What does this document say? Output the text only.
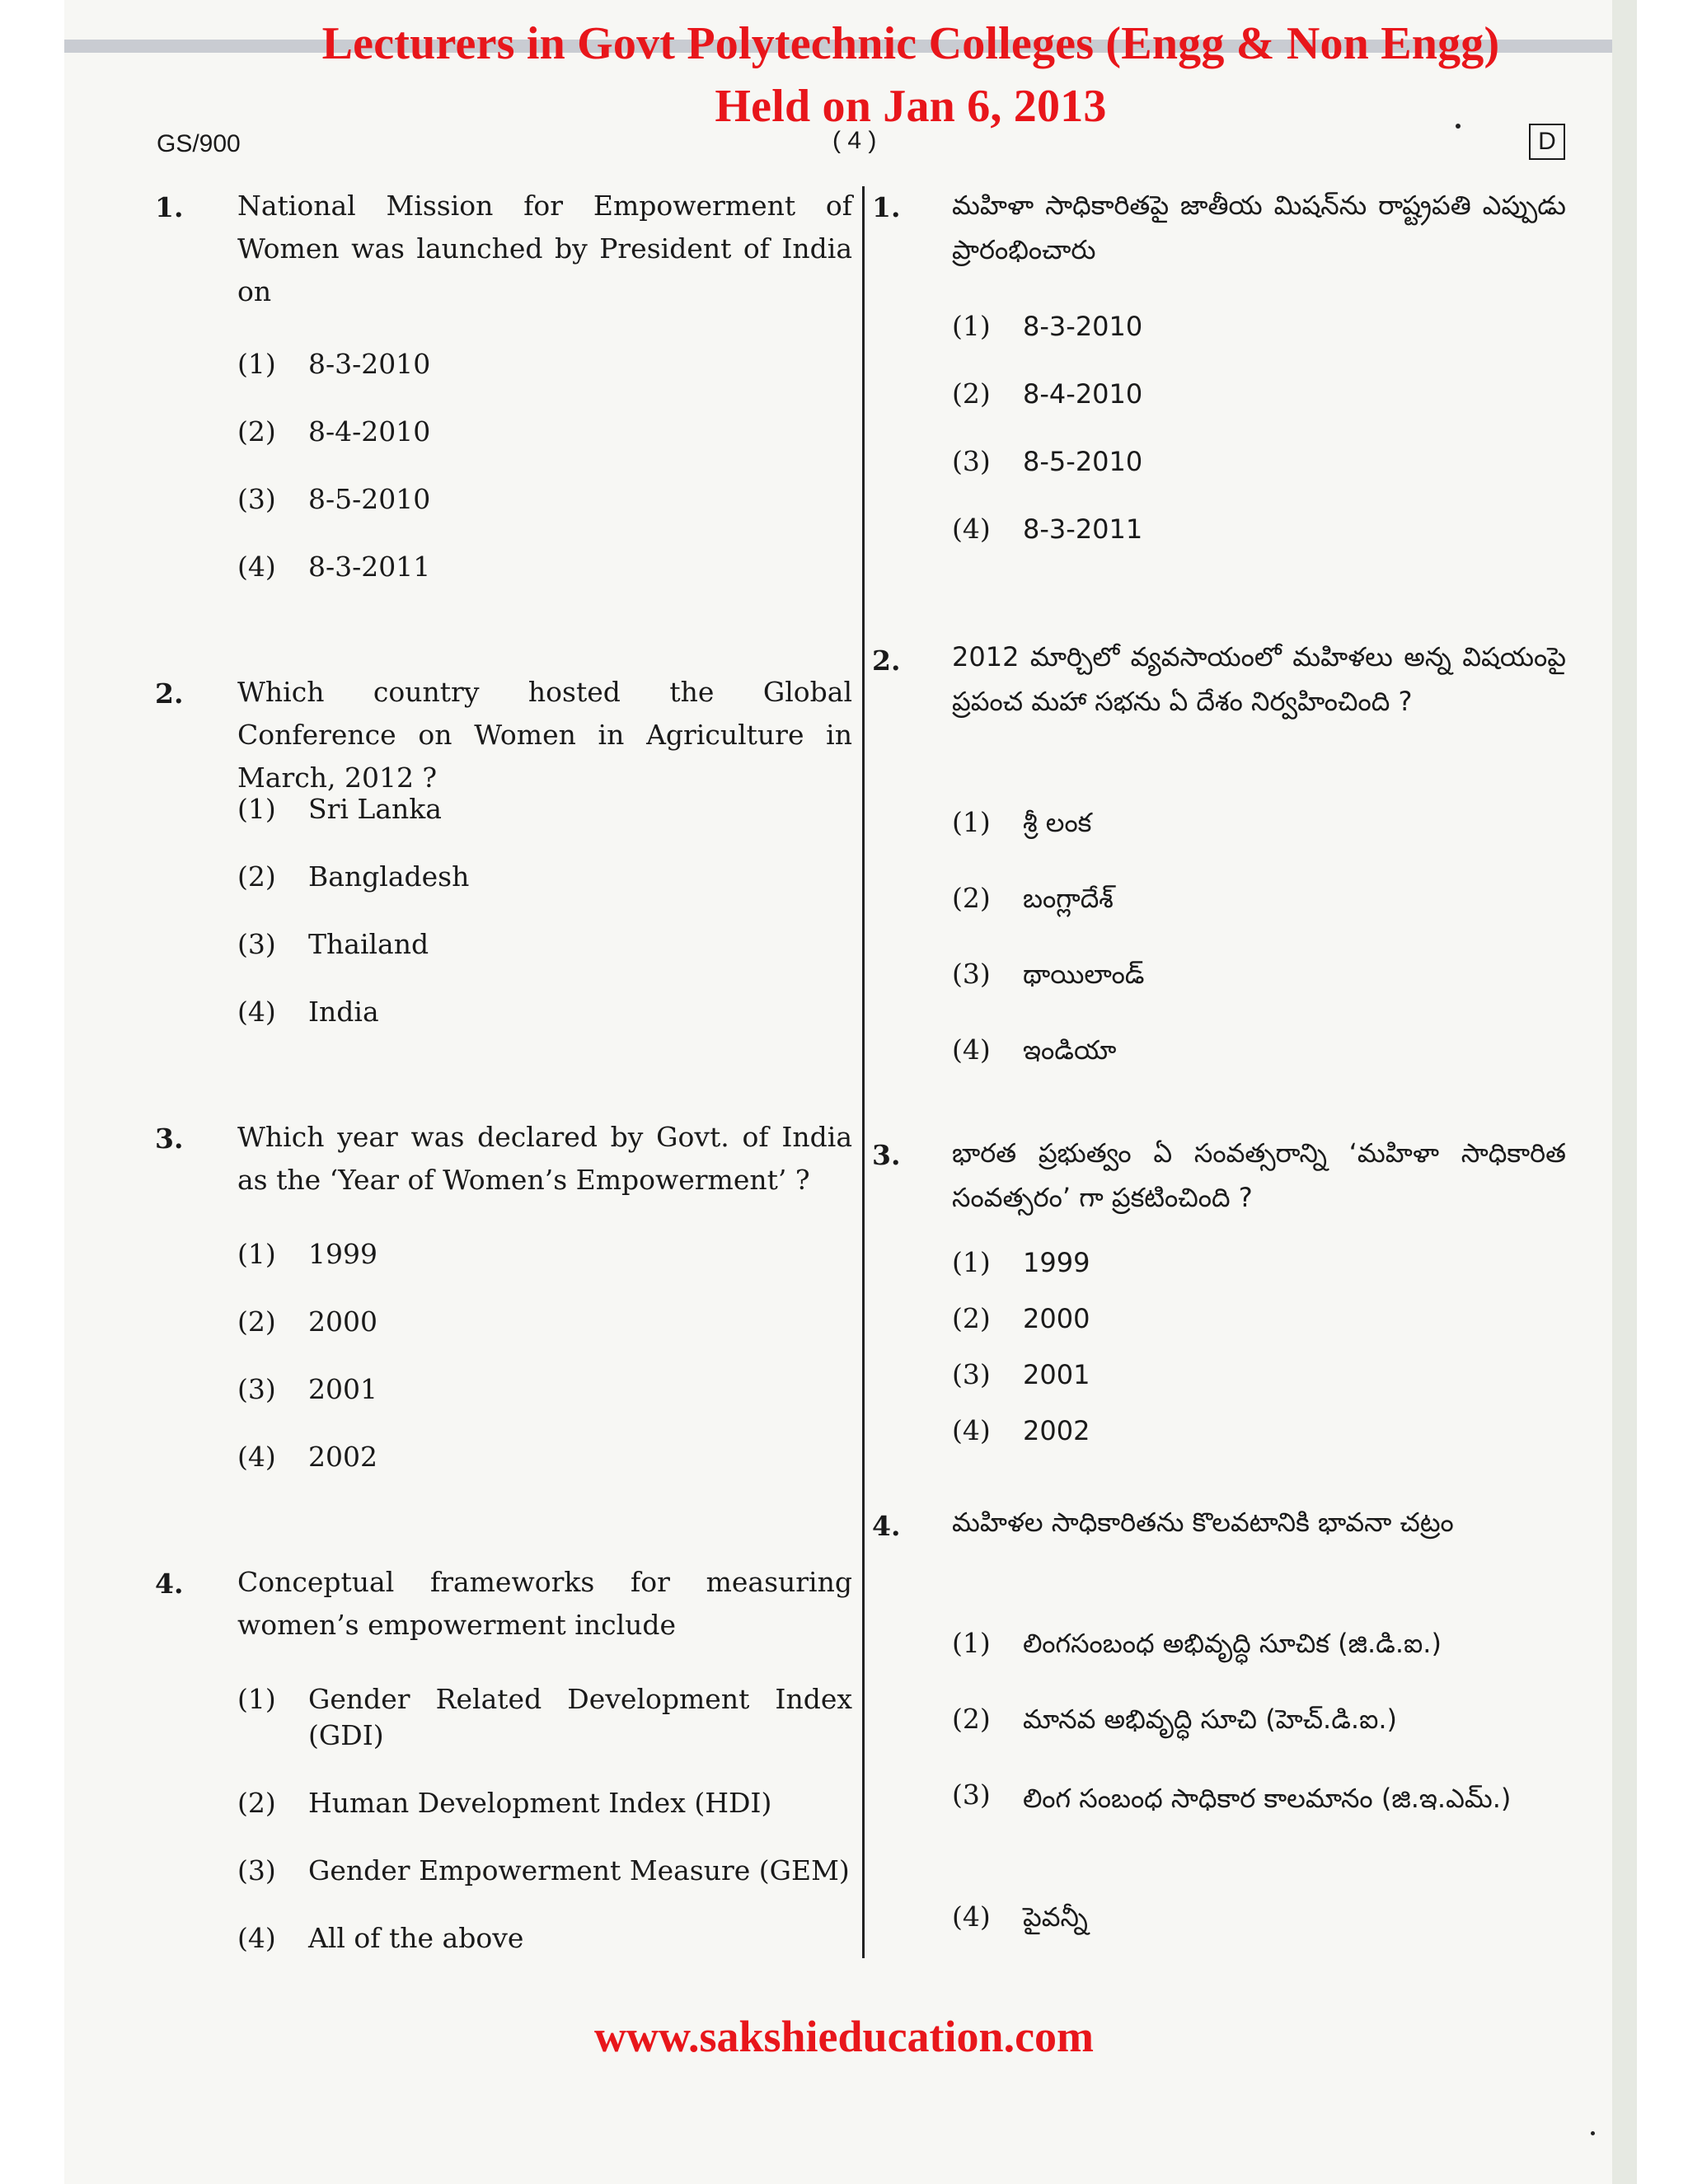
Lecturers in Govt Polytechnic Colleges (Engg & Non Engg)
Held on Jan 6, 2013
GS/900	( 4 )	D
1. National Mission for Empowerment of Women was launched by President of India on
(1)	8-3-2010
(2)	8-4-2010
(3)	8-5-2010
(4)	8-3-2011
2. Which country hosted the Global Conference on Women in Agriculture in March, 2012 ?
(1)	Sri Lanka
(2)	Bangladesh
(3)	Thailand
(4)	India
3. Which year was declared by Govt. of India as the ‘Year of Women’s Empowerment’ ?
(1)	1999
(2)	2000
(3)	2001
(4)	2002
4. Conceptual frameworks for measuring women’s empowerment include
(1)	Gender Related Development Index (GDI)
(2)	Human Development Index (HDI)
(3)	Gender Empowerment Measure (GEM)
(4)	All of the above
1. మహిళా సాధికారితపై జాతీయ మిషన్‌ను రాష్ట్రపతి ఎప్పుడు ప్రారంభించారు
(1)	8-3-2010
(2)	8-4-2010
(3)	8-5-2010
(4)	8-3-2011
2. 2012 మార్చిలో వ్యవసాయంలో మహిళలు అన్న విషయంపై ప్రపంచ మహా సభను ఏ దేశం నిర్వహించింది ?
(1)	శ్రీ లంక
(2)	బంగ్లాదేశ్
(3)	థాయిలాండ్
(4)	ఇండియా
3. భారత ప్రభుత్వం ఏ సంవత్సరాన్ని ‘మహిళా సాధికారిత సంవత్సరం’ గా ప్రకటించింది ?
(1)	1999
(2)	2000
(3)	2001
(4)	2002
4. మహిళల సాధికారితను కొలవటానికి భావనా చట్రం
(1)	లింగసంబంధ అభివృద్ధి సూచిక (జి.డి.ఐ.)
(2)	మానవ అభివృద్ధి సూచి (హెచ్.డి.ఐ.)
(3)	లింగ సంబంధ సాధికార కాలమానం (జి.ఇ.ఎమ్.)
(4)	పైవన్నీ
www.sakshieducation.com
